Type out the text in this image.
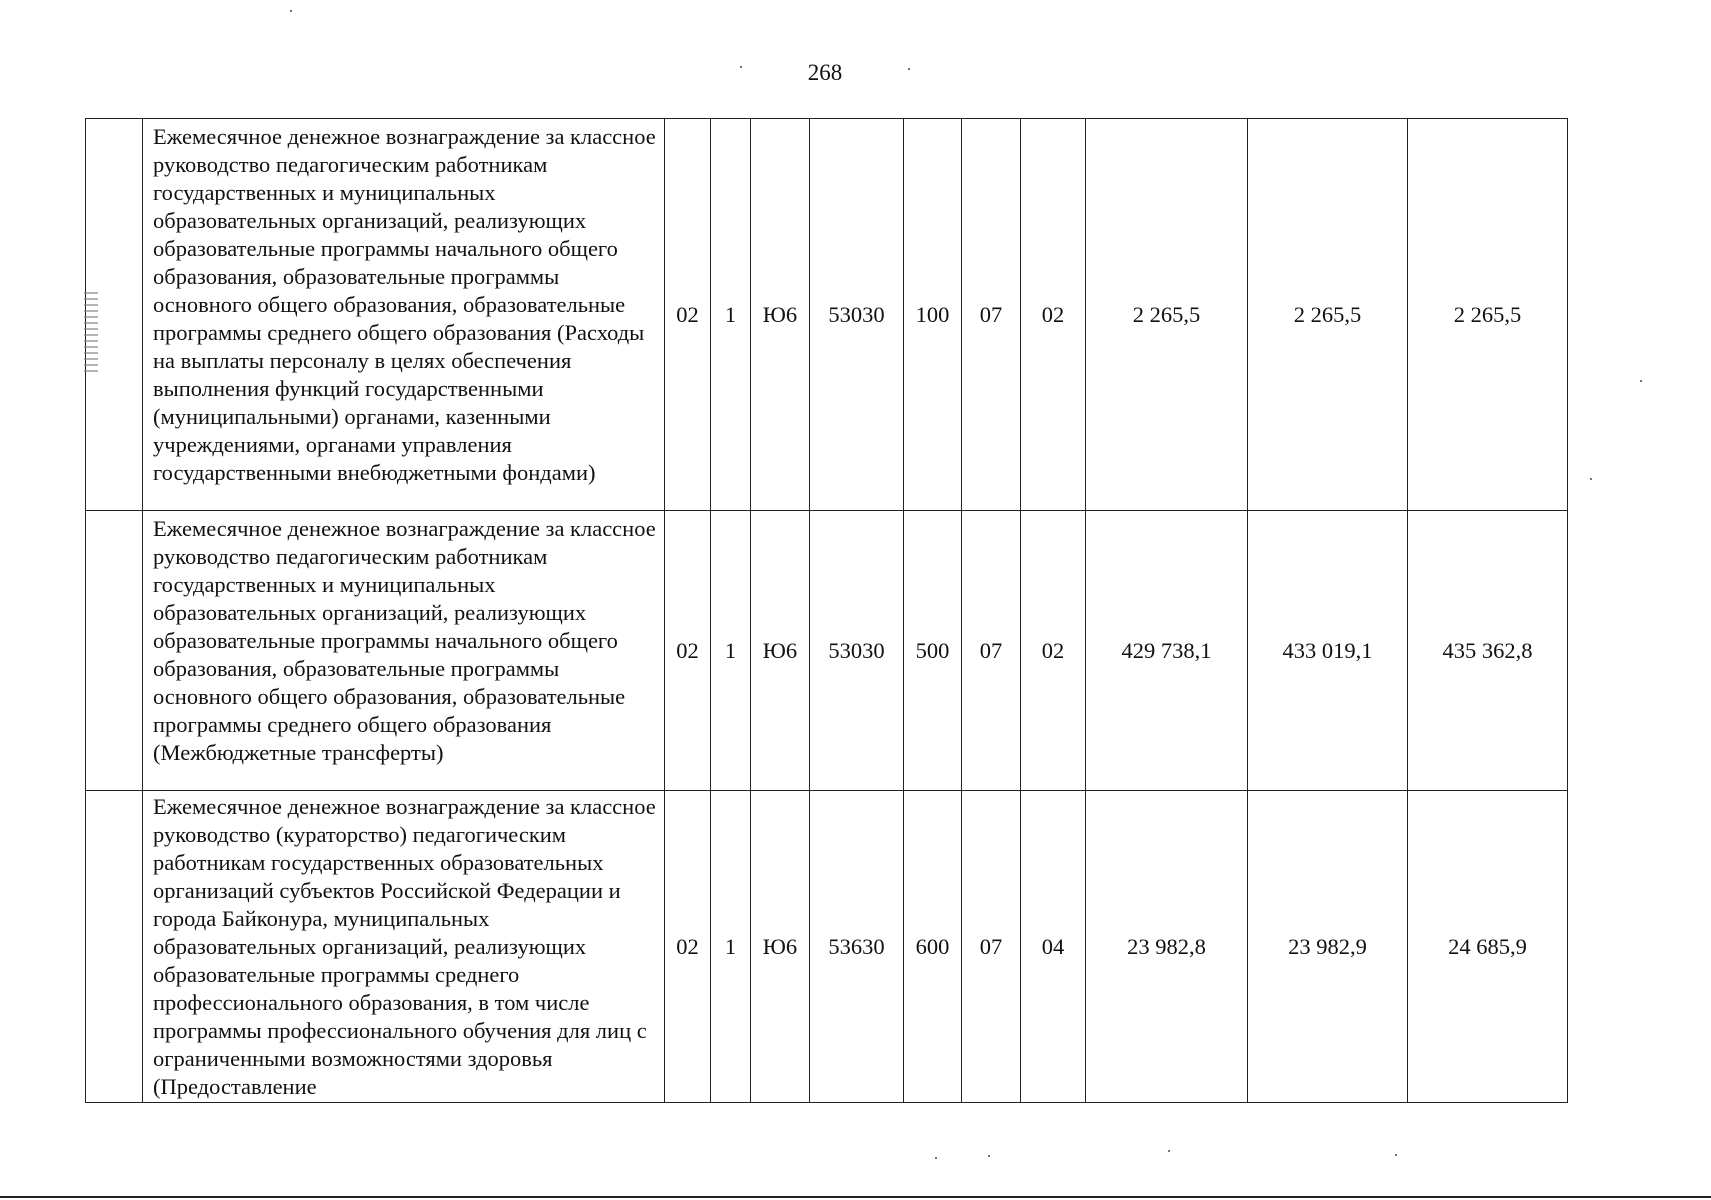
268
	Ежемесячное денежное вознаграждение за классное руководство педагогическим работникам государственных и муниципальных образовательных организаций, реализующих образовательные программы начального общего образования, образовательные программы основного общего образования, образовательные программы среднего общего образования (Расходы на выплаты персоналу в целях обеспечения выполнения функций государственными (муниципальными) органами, казенными учреждениями, органами управления государственными внебюджетными фондами)	02	1	Ю6	53030	100	07	02	2 265,5	2 265,5	2 265,5
	Ежемесячное денежное вознаграждение за классное руководство педагогическим работникам государственных и муниципальных образовательных организаций, реализующих образовательные программы начального общего образования, образовательные программы основного общего образования, образовательные программы среднего общего образования (Межбюджетные трансферты)	02	1	Ю6	53030	500	07	02	429 738,1	433 019,1	435 362,8
	Ежемесячное денежное вознаграждение за классное руководство (кураторство) педагогическим работникам государственных образовательных организаций субъектов Российской Федерации и города Байконура, муниципальных образовательных организаций, реализующих образовательные программы среднего профессионального образования, в том числе программы профессионального обучения для лиц с ограниченными возможностями здоровья (Предоставление	02	1	Ю6	53630	600	07	04	23 982,8	23 982,9	24 685,9
